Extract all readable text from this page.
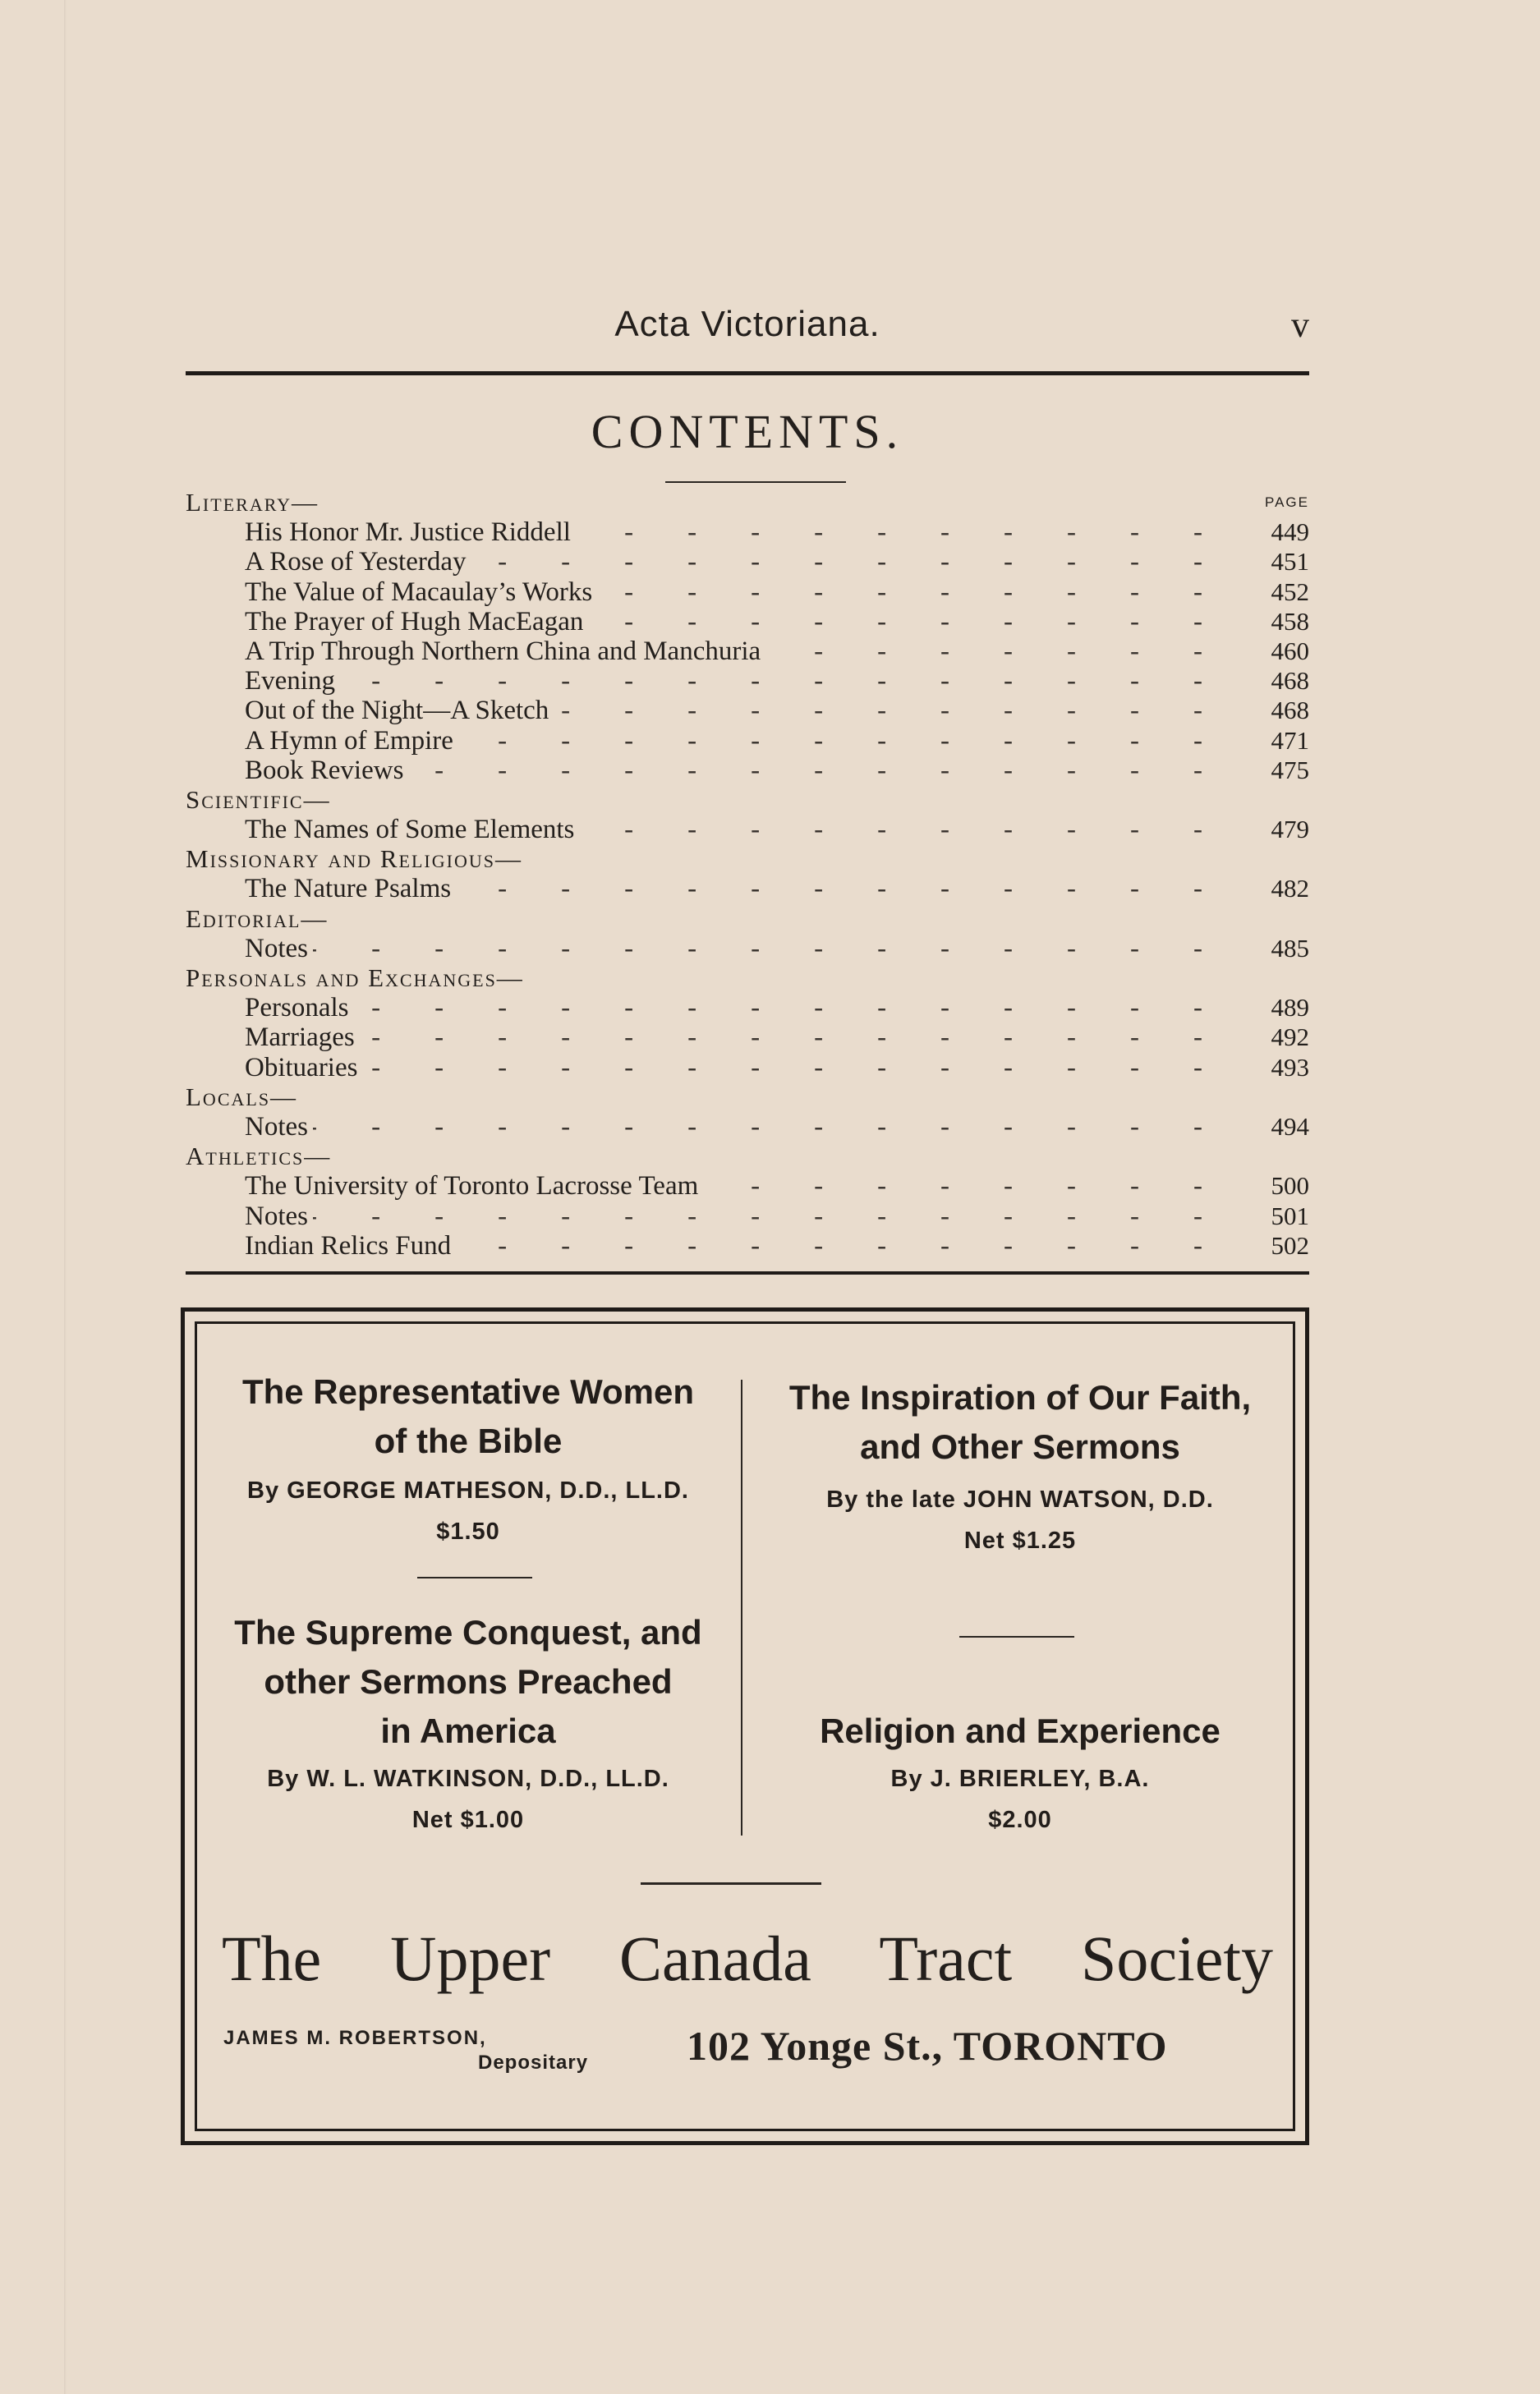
Acta Victoriana.	v
CONTENTS.
Literary—	PAGE
-
His Honor Mr. Justice Riddell	449
-
A Rose of Yesterday	451
-
The Value of Macaulay’s Works	452
-
The Prayer of Hugh MacEagan	458
-
A Trip Through Northern China and Manchuria	460
-
Evening	468
-
Out of the Night—A Sketch	468
-
A Hymn of Empire	471
-
Book Reviews	475
Scientific—
-
The Names of Some Elements	479
Missionary and Religious—
-
The Nature Psalms	482
Editorial—
-
Notes	485
Personals and Exchanges—
-
Personals	489
-
Marriages	492
-
Obituaries	493
Locals—
-
Notes	494
Athletics—
-
The University of Toronto Lacrosse Team	500
-
Notes	501
-
Indian Relics Fund	502
The Representative Women
of the Bible
By GEORGE MATHESON, D.D., LL.D.
$1.50
The Supreme Conquest, and
other Sermons Preached
in America
By W. L. WATKINSON, D.D., LL.D.
Net $1.00
The Inspiration of Our Faith,
and Other Sermons
By the late JOHN WATSON, D.D.
Net $1.25
Religion and Experience
By J. BRIERLEY, B.A.
$2.00
The Upper Canada Tract Society
JAMES M. ROBERTSON,
Depositary 102 Yonge St., TORONTO
